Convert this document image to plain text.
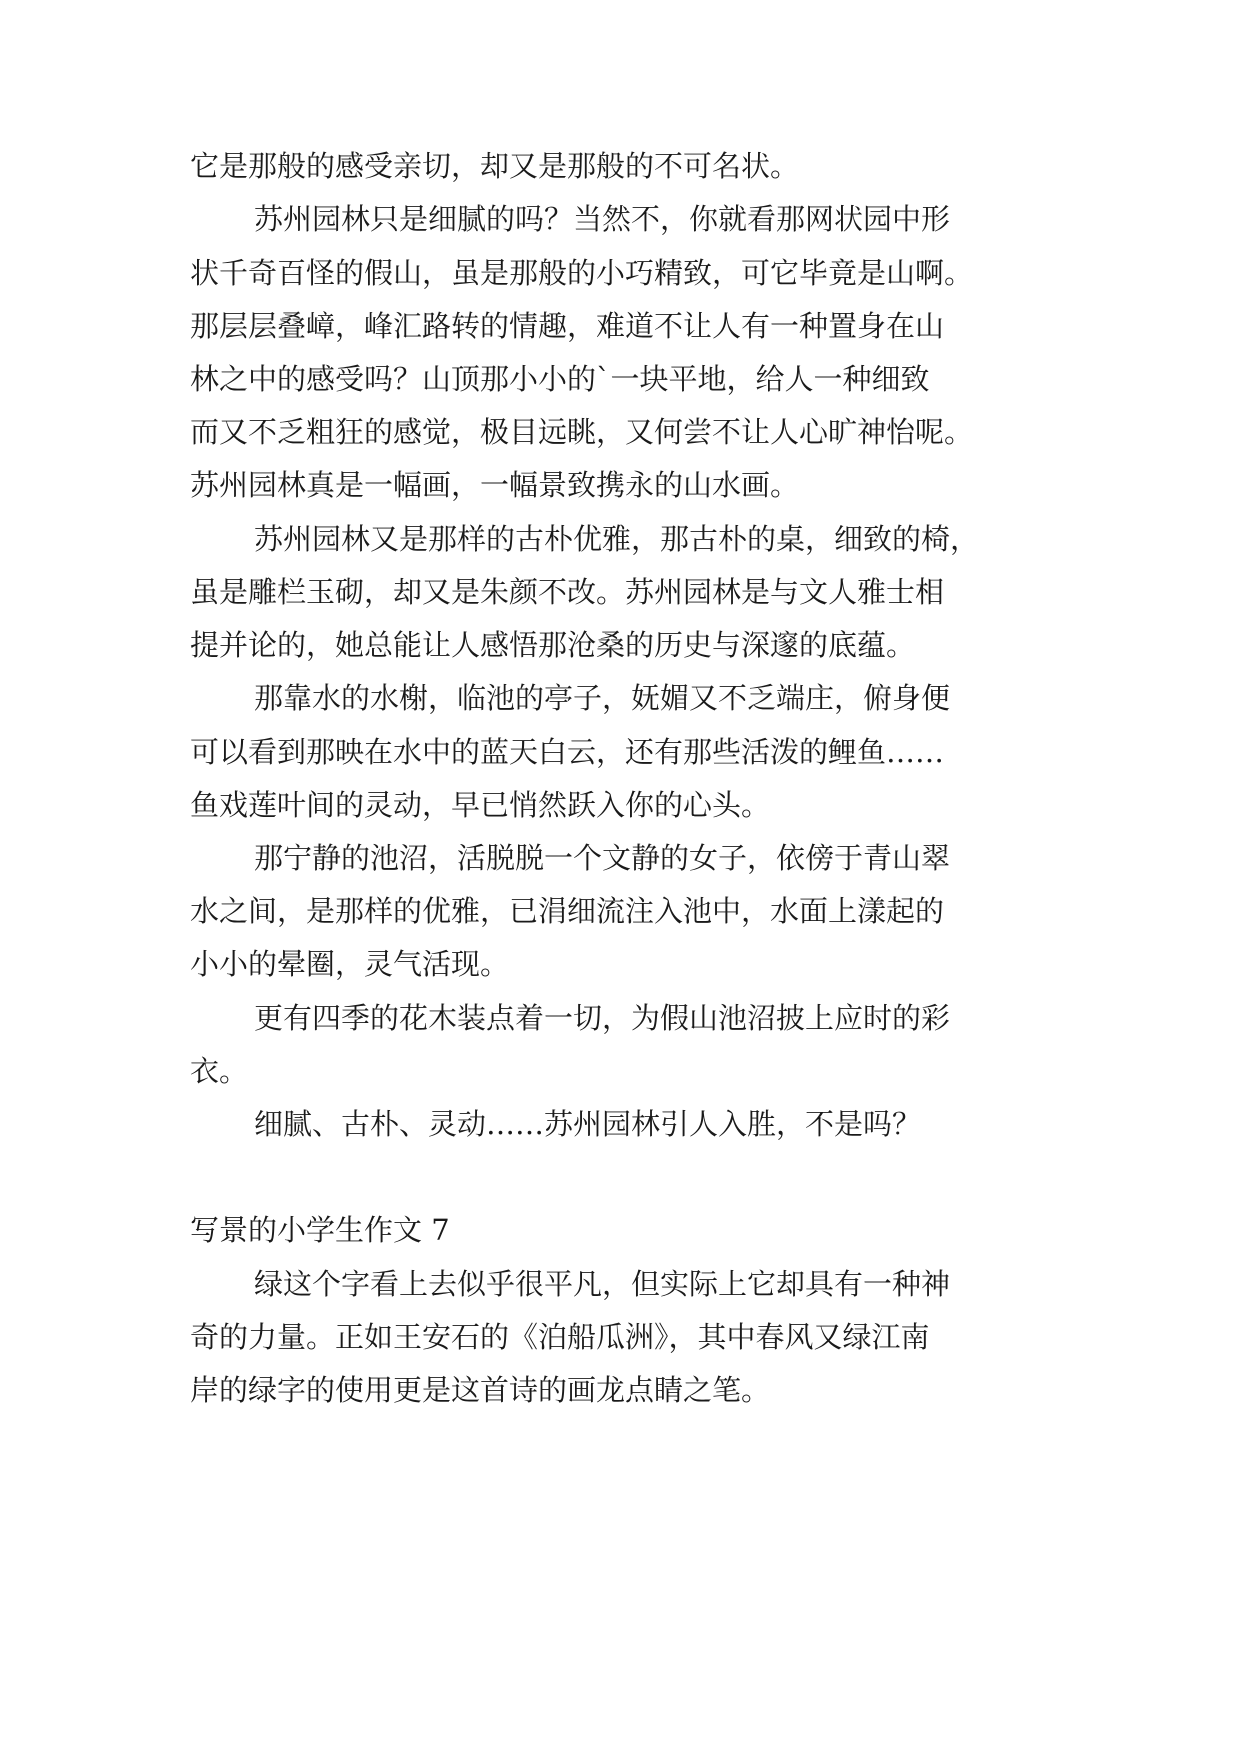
它是那般的感受亲切，却又是那般的不可名状。
苏州园林只是细腻的吗？当然不，你就看那网状园中形
状千奇百怪的假山，虽是那般的小巧精致，可它毕竟是山啊。
那层层叠嶂，峰汇路转的情趣，难道不让人有一种置身在山
林之中的感受吗？山顶那小小的`一块平地，给人一种细致
而又不乏粗狂的感觉，极目远眺，又何尝不让人心旷神怡呢。
苏州园林真是一幅画，一幅景致携永的山水画。
苏州园林又是那样的古朴优雅，那古朴的桌，细致的椅，
虽是雕栏玉砌，却又是朱颜不改。苏州园林是与文人雅士相
提并论的，她总能让人感悟那沧桑的历史与深邃的底蕴。
那靠水的水榭，临池的亭子，妩媚又不乏端庄，俯身便
可以看到那映在水中的蓝天白云，还有那些活泼的鲤鱼……
鱼戏莲叶间的灵动，早已悄然跃入你的心头。
那宁静的池沼，活脱脱一个文静的女子，依傍于青山翠
水之间，是那样的优雅，已涓细流注入池中，水面上漾起的
小小的晕圈，灵气活现。
更有四季的花木装点着一切，为假山池沼披上应时的彩
衣。
细腻、古朴、灵动……苏州园林引人入胜，不是吗？
写景的小学生作文 7
绿这个字看上去似乎很平凡，但实际上它却具有一种神
奇的力量。正如王安石的《泊船瓜洲》，其中春风又绿江南
岸的绿字的使用更是这首诗的画龙点睛之笔。
